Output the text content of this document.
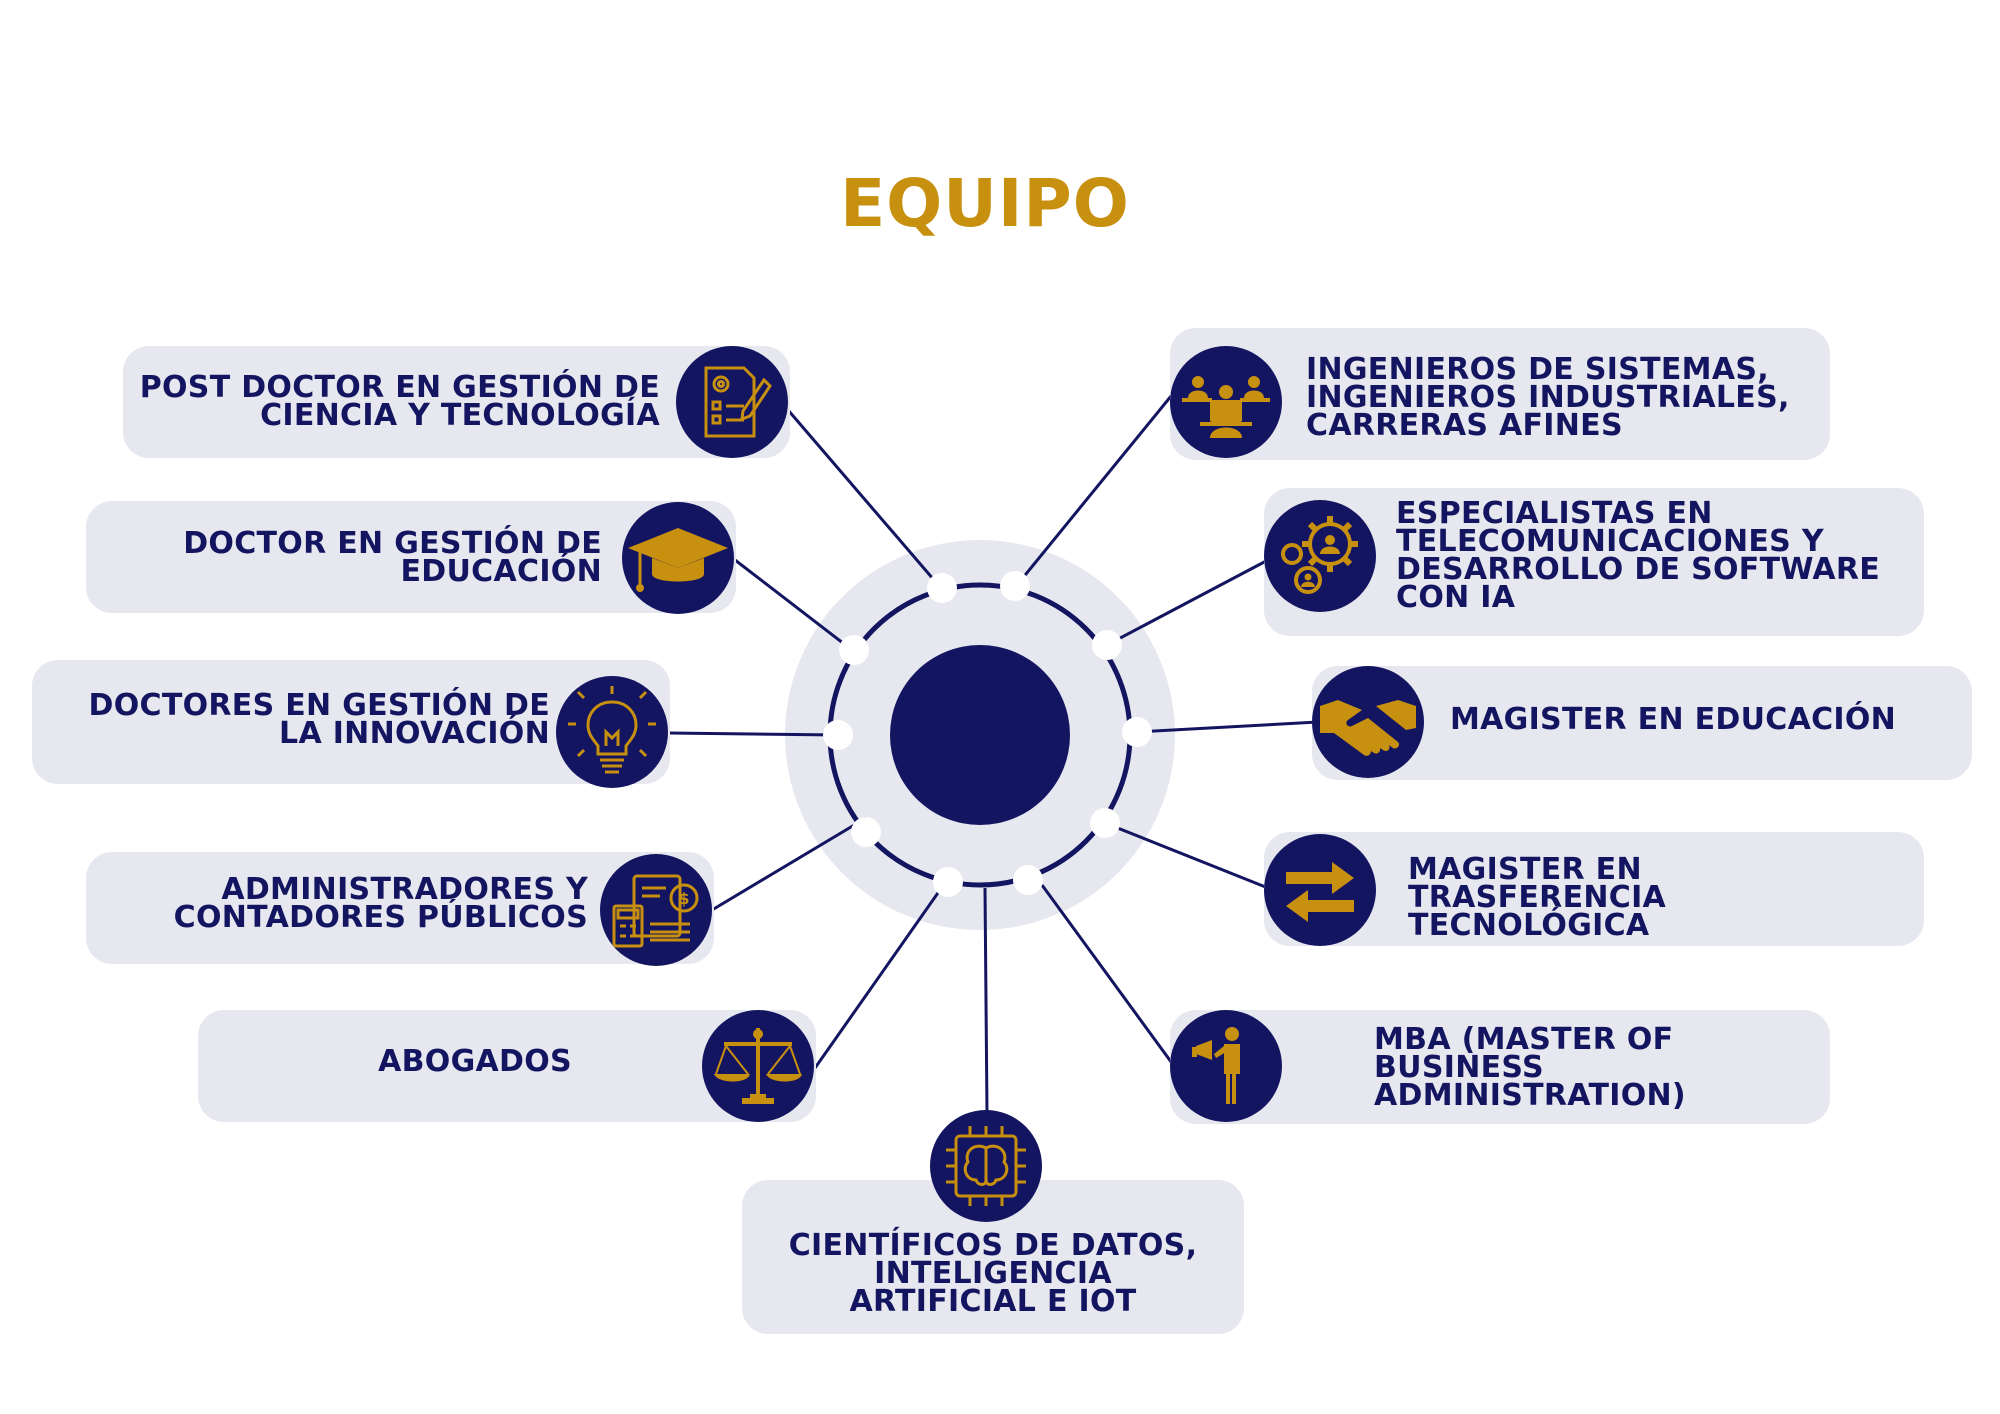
EQUIPO
POST DOCTOR EN GESTIÓN DE
CIENCIA Y TECNOLOGÍA
DOCTOR EN GESTIÓN DE
EDUCACIÓN
DOCTORES EN GESTIÓN DE
LA INNOVACIÓN
ADMINISTRADORES Y
CONTADORES PÚBLICOS
$
ABOGADOS
CIENTÍFICOS DE DATOS,
INTELIGENCIA
ARTIFICIAL E IOT
INGENIEROS DE SISTEMAS,
INGENIEROS INDUSTRIALES,
CARRERAS AFINES
ESPECIALISTAS EN
TELECOMUNICACIONES Y
DESARROLLO DE SOFTWARE
CON IA
MAGISTER EN EDUCACIÓN
MAGISTER EN TRASFERENCIA
TECNOLÓGICA
MBA (MASTER OF
BUSINESS
ADMINISTRATION)
